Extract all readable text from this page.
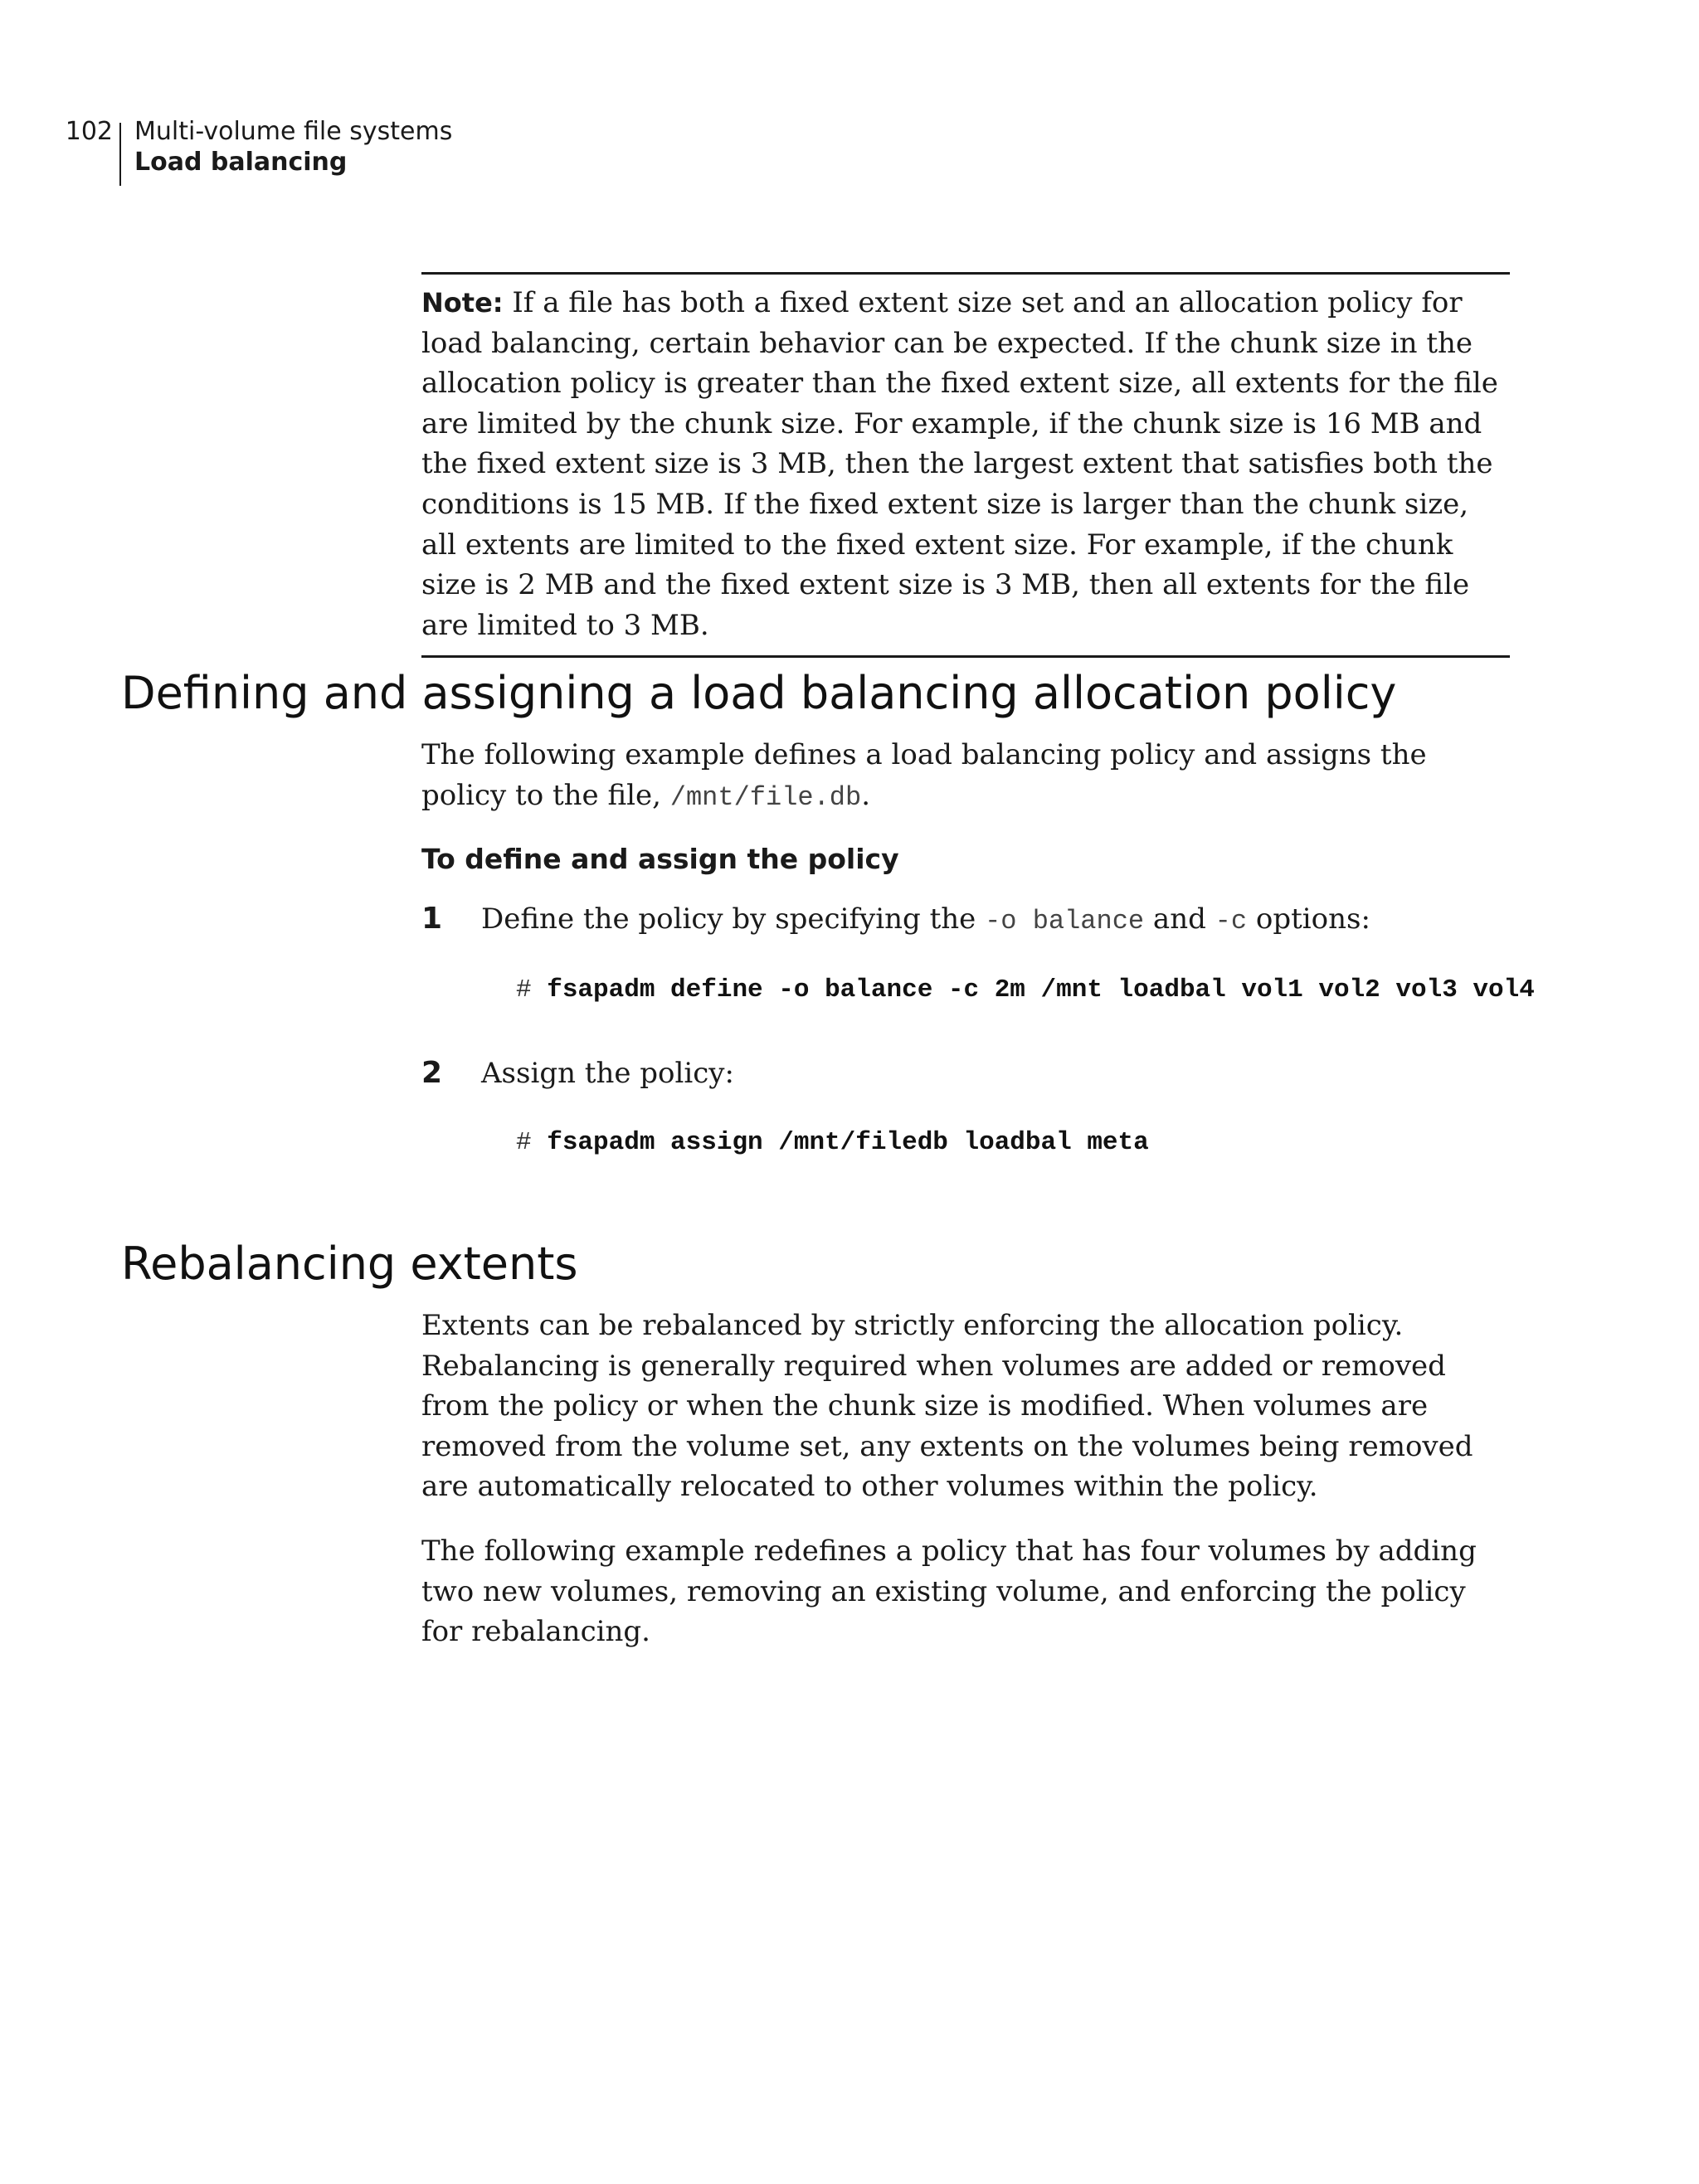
102 Multi-volume file systems
Load balancing
Note: If a file has both a fixed extent size set and an allocation policy for load balancing, certain behavior can be expected. If the chunk size in the allocation policy is greater than the fixed extent size, all extents for the file are limited by the chunk size. For example, if the chunk size is 16 MB and the fixed extent size is 3 MB, then the largest extent that satisfies both the conditions is 15 MB. If the fixed extent size is larger than the chunk size, all extents are limited to the fixed extent size. For example, if the chunk size is 2 MB and the fixed extent size is 3 MB, then all extents for the file are limited to 3 MB.
Defining and assigning a load balancing allocation policy

The following example defines a load balancing policy and assigns the policy to the file, /mnt/file.db.

To define and assign the policy
1 Define the policy by specifying the -o balance and -c options:
# fsapadm define -o balance -c 2m /mnt loadbal vol1 vol2 vol3 vol4
2 Assign the policy:
# fsapadm assign /mnt/filedb loadbal meta
Rebalancing extents

Extents can be rebalanced by strictly enforcing the allocation policy. Rebalancing is generally required when volumes are added or removed from the policy or when the chunk size is modified. When volumes are removed from the volume set, any extents on the volumes being removed are automatically relocated to other volumes within the policy.

The following example redefines a policy that has four volumes by adding two new volumes, removing an existing volume, and enforcing the policy for rebalancing.
